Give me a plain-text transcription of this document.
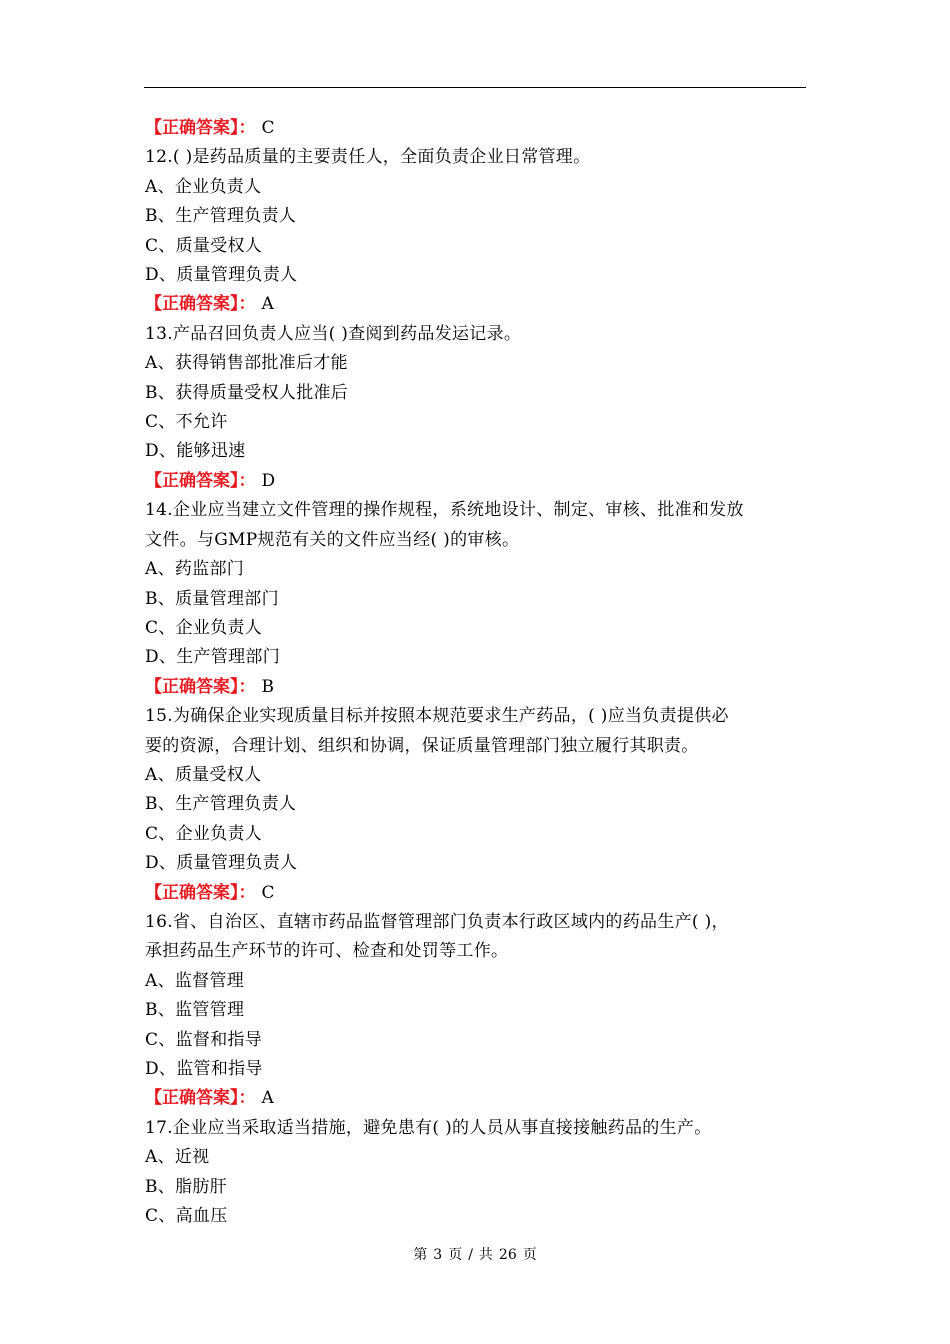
【正确答案】： C
12.( )是药品质量的主要责任人，全面负责企业日常管理。
A、企业负责人
B、生产管理负责人
C、质量受权人
D、质量管理负责人
【正确答案】： A
13.产品召回负责人应当( )查阅到药品发运记录。
A、获得销售部批准后才能
B、获得质量受权人批准后
C、不允许
D、能够迅速
【正确答案】： D
14.企业应当建立文件管理的操作规程，系统地设计、制定、审核、批准和发放
文件。与GMP规范有关的文件应当经( )的审核。
A、药监部门
B、质量管理部门
C、企业负责人
D、生产管理部门
【正确答案】： B
15.为确保企业实现质量目标并按照本规范要求生产药品，( )应当负责提供必
要的资源，合理计划、组织和协调，保证质量管理部门独立履行其职责。
A、质量受权人
B、生产管理负责人
C、企业负责人
D、质量管理负责人
【正确答案】： C
16.省、自治区、直辖市药品监督管理部门负责本行政区域内的药品生产( )，
承担药品生产环节的许可、检查和处罚等工作。
A、监督管理
B、监管管理
C、监督和指导
D、监管和指导
【正确答案】： A
17.企业应当采取适当措施，避免患有( )的人员从事直接接触药品的生产。
A、近视
B、脂肪肝
C、高血压
第 3 页 / 共 26 页
